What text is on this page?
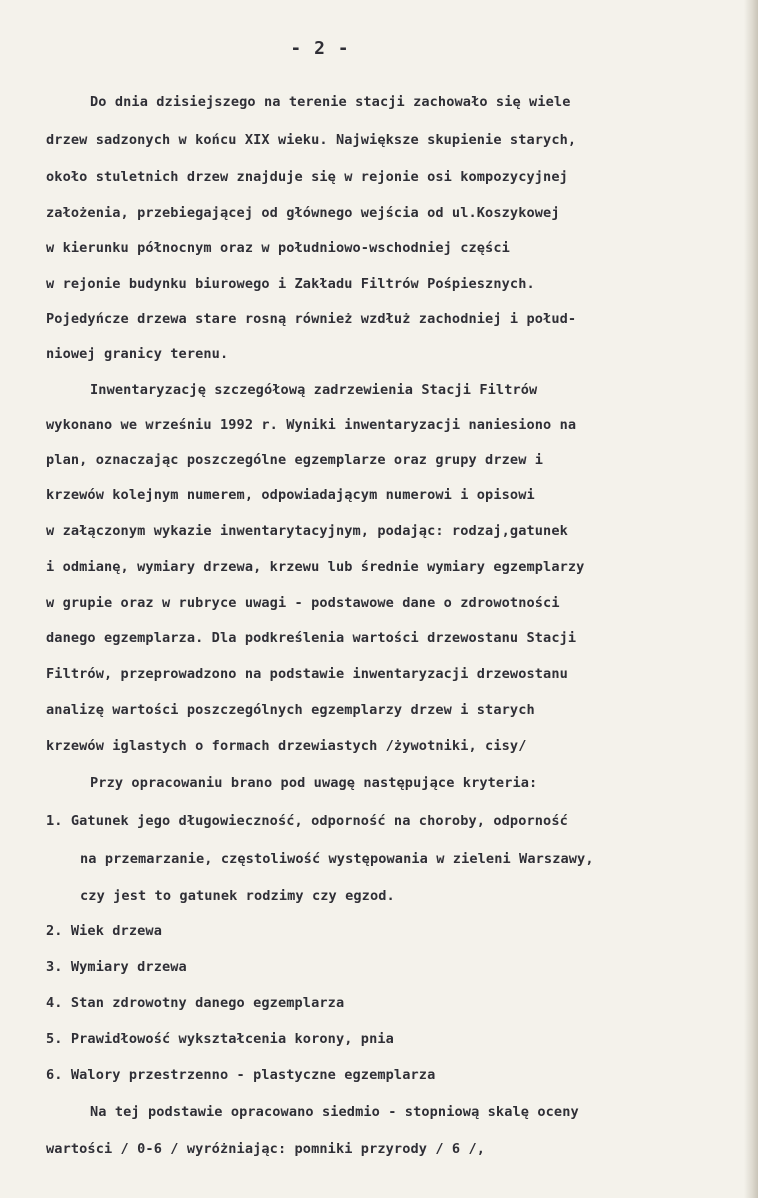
- 2 -
Do dnia dzisiejszego na terenie stacji zachowało się wiele
drzew sadzonych w końcu XIX wieku. Największe skupienie starych,
około stuletnich drzew znajduje się w rejonie osi kompozycyjnej
założenia, przebiegającej od głównego wejścia od ul.Koszykowej
w kierunku północnym oraz w południowo-wschodniej części
w rejonie budynku biurowego i Zakładu Filtrów Pośpiesznych.
Pojedyńcze drzewa stare rosną również wzdłuż zachodniej i połud-
niowej granicy terenu.
Inwentaryzację szczegółową zadrzewienia Stacji Filtrów
wykonano we wrześniu 1992 r. Wyniki inwentaryzacji naniesiono na
plan, oznaczając poszczególne egzemplarze oraz grupy drzew i
krzewów kolejnym numerem, odpowiadającym numerowi i opisowi
w załączonym wykazie inwentarytacyjnym, podając: rodzaj,gatunek
i odmianę, wymiary drzewa, krzewu lub średnie wymiary egzemplarzy
w grupie oraz w rubryce uwagi - podstawowe dane o zdrowotności
danego egzemplarza. Dla podkreślenia wartości drzewostanu Stacji
Filtrów, przeprowadzono na podstawie inwentaryzacji drzewostanu
analizę wartości poszczególnych egzemplarzy drzew i starych
krzewów iglastych o formach drzewiastych /żywotniki, cisy/
Przy opracowaniu brano pod uwagę następujące kryteria:
1. Gatunek jego długowieczność, odporność na choroby, odporność
na przemarzanie, częstoliwość występowania w zieleni Warszawy,
czy jest to gatunek rodzimy czy egzod.
2. Wiek drzewa
3. Wymiary drzewa
4. Stan zdrowotny danego egzemplarza
5. Prawidłowość wykształcenia korony, pnia
6. Walory przestrzenno - plastyczne egzemplarza
Na tej podstawie opracowano siedmio - stopniową skalę oceny
wartości / 0-6 / wyróżniając: pomniki przyrody / 6 /,
